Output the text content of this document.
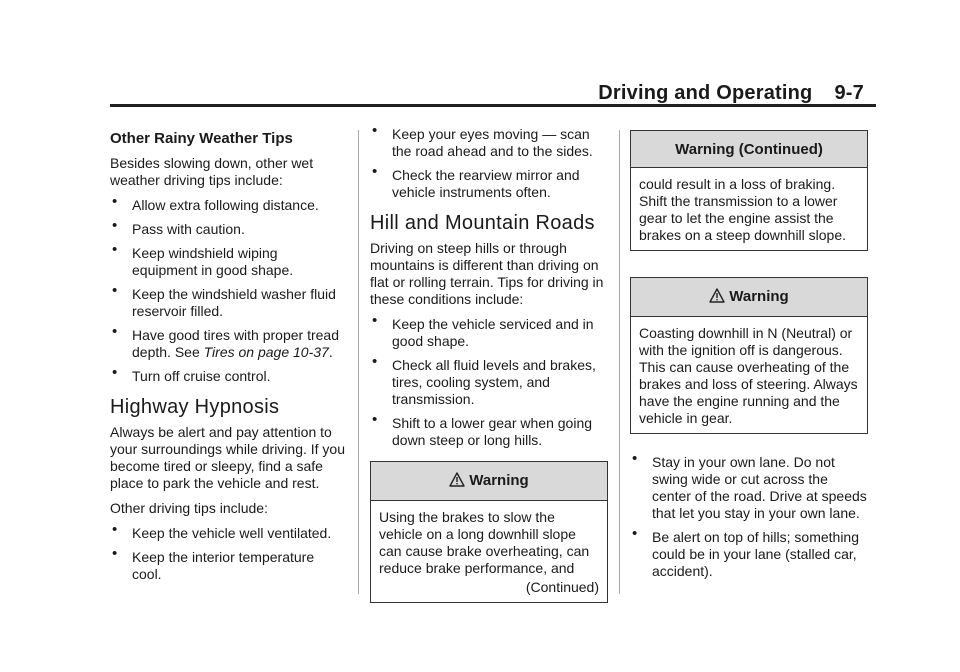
Driving and Operating 9-7
Other Rainy Weather Tips

Besides slowing down, other wet weather driving tips include:

• Allow extra following distance.
• Pass with caution.
• Keep windshield wiping equipment in good shape.
• Keep the windshield washer fluid reservoir filled.
• Have good tires with proper tread depth. See Tires on page 10-37.
• Turn off cruise control.
Highway Hypnosis

Always be alert and pay attention to your surroundings while driving. If you become tired or sleepy, find a safe place to park the vehicle and rest.

Other driving tips include:

• Keep the vehicle well ventilated.
• Keep the interior temperature cool.
• Keep your eyes moving — scan the road ahead and to the sides.
• Check the rearview mirror and vehicle instruments often.
Hill and Mountain Roads

Driving on steep hills or through mountains is different than driving on flat or rolling terrain. Tips for driving in these conditions include:

• Keep the vehicle serviced and in good shape.
• Check all fluid levels and brakes, tires, cooling system, and transmission.
• Shift to a lower gear when going down steep or long hills.
Warning

Using the brakes to slow the vehicle on a long downhill slope can cause brake overheating, can reduce brake performance, and

(Continued)
Warning (Continued)

could result in a loss of braking. Shift the transmission to a lower gear to let the engine assist the brakes on a steep downhill slope.

Warning

Coasting downhill in N (Neutral) or with the ignition off is dangerous. This can cause overheating of the brakes and loss of steering. Always have the engine running and the vehicle in gear.

• Stay in your own lane. Do not swing wide or cut across the center of the road. Drive at speeds that let you stay in your own lane.
• Be alert on top of hills; something could be in your lane (stalled car, accident).
